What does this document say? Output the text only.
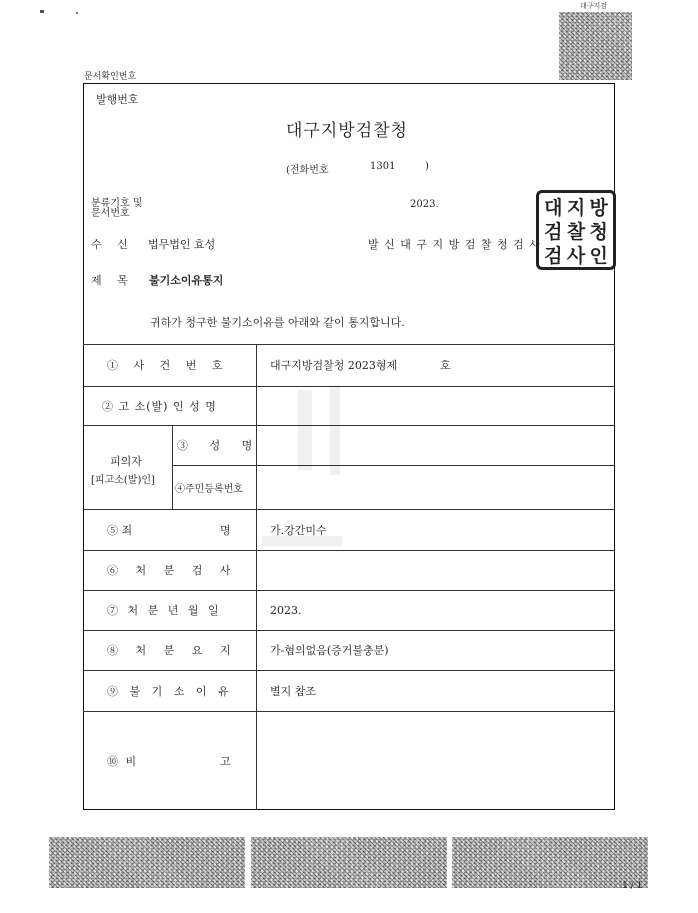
대구지검
문서확인번호
발행번호
대구지방검찰청
(전화번호	1301	)
분류기호 및
문서번호
2023.
수 신 법무법인 효성	발 신 대 구 지 방 검 찰 청 검 사
대 지 방
검 찰 청
검 사 인
제 목 불기소이유통지
귀하가 청구한 불기소이유를 아래와 같이 통지합니다.
① 사 건 번 호	대구지방검찰청 2023형제	호
② 고 소(발) 인 성 명
피의자
[피고소(발)인]
③ 성 명
④주민등록번호
⑤ 죄	명	가.강간미수
⑥ 처 분 검 사
⑦ 처 분 년 월 일	2023.
⑧ 처 분 요 지	가-혐의없음(증거불충분)
⑨ 불 기 소 이 유	별지 참조
⑩ 비	고
1 / 1
